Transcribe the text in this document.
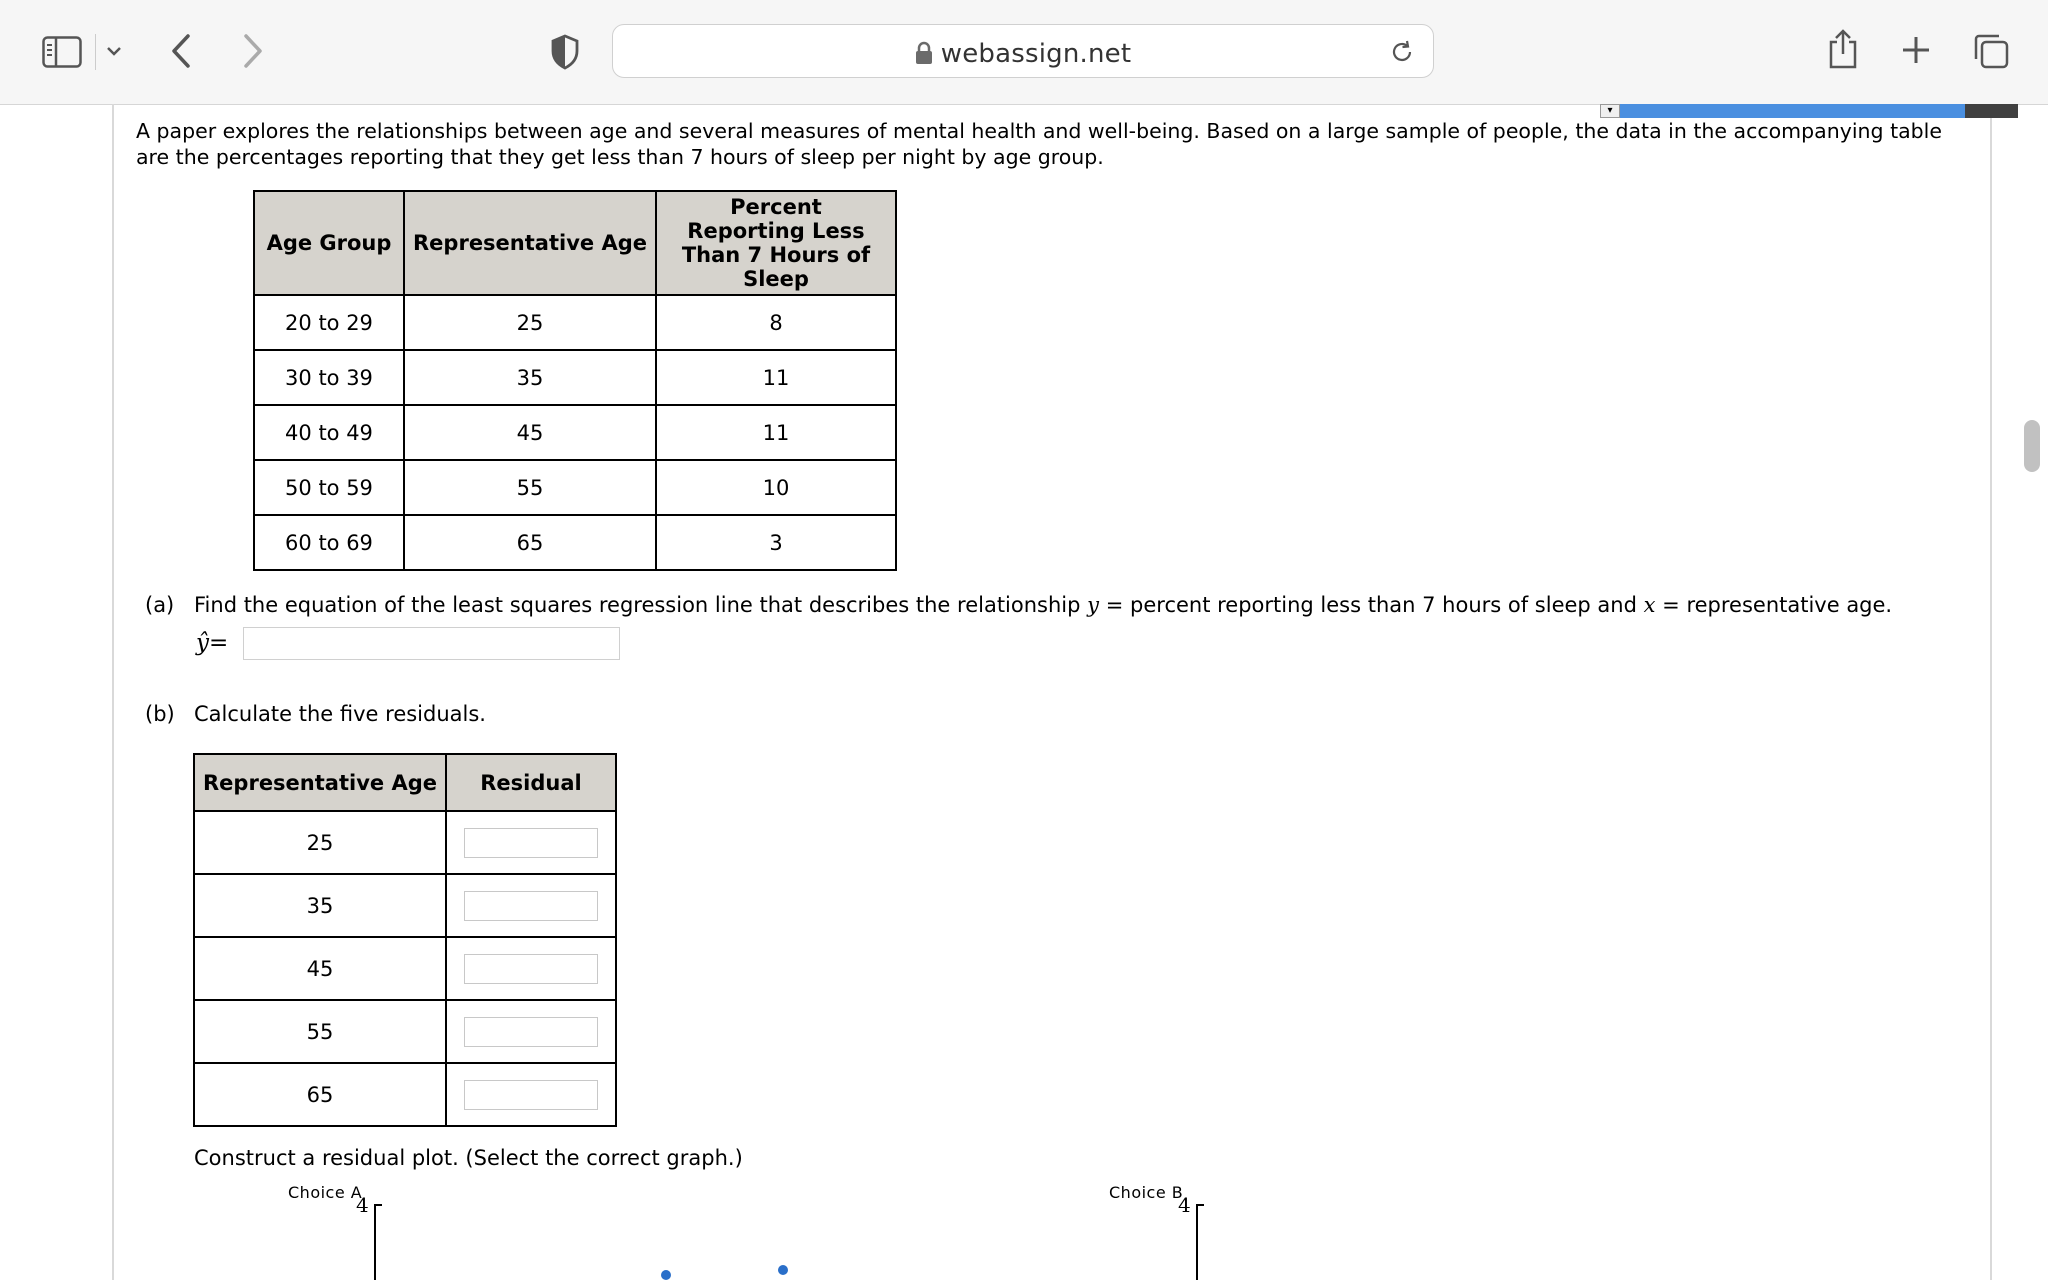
webassign.net
▾
A paper explores the relationships between age and several measures of mental health and well-being. Based on a large sample of people, the data in the accompanying table are the percentages reporting that they get less than 7 hours of sleep per night by age group.
Age Group	Representative Age	Percent Reporting Less Than 7 Hours of Sleep
20 to 29	25	8
30 to 39	35	11
40 to 49	45	11
50 to 59	55	10
60 to 69	65	3
(a) Find the equation of the least squares regression line that describes the relationship y = percent reporting less than 7 hours of sleep and x = representative age.
ŷ=
(b) Calculate the five residuals.
Representative Age	Residual
25	
35	
45	
55	
65	
Construct a residual plot. (Select the correct graph.)
Choice A
4
Choice B
4
